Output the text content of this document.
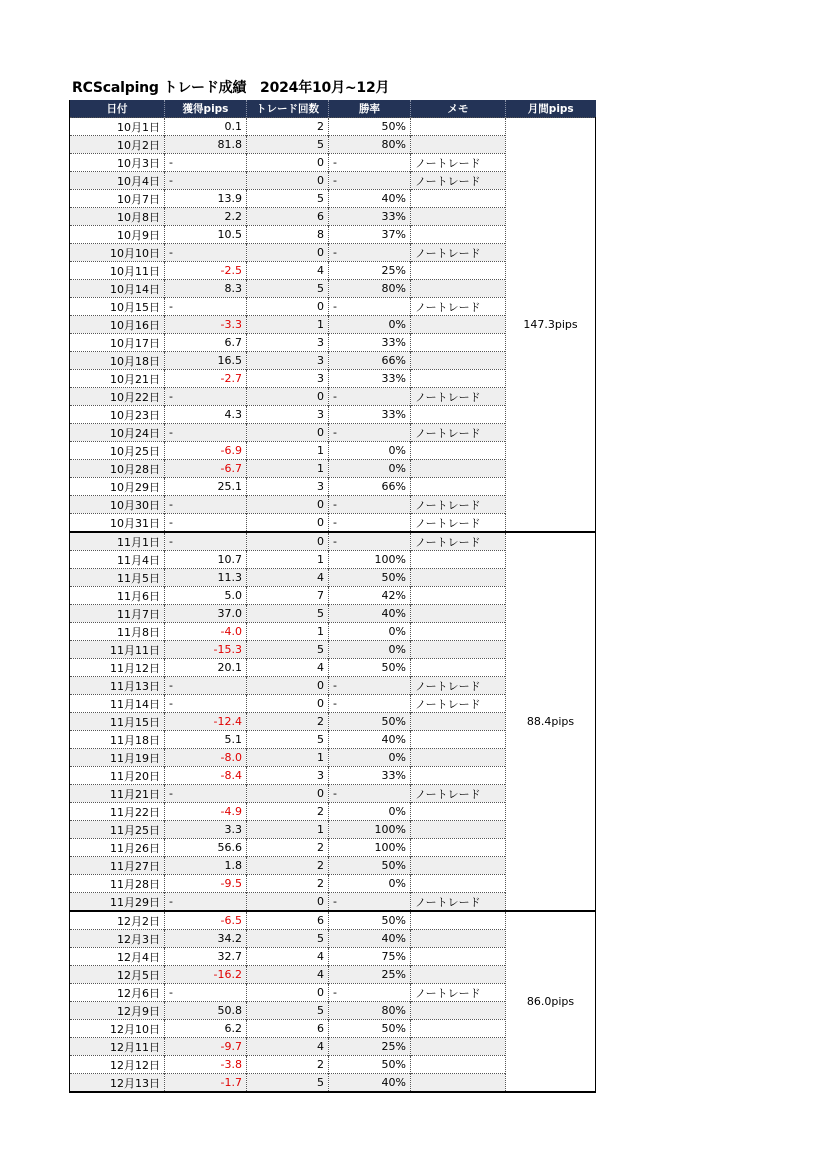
RCScalping トレード成績　2024年10月~12月
日付	獲得pips	トレード回数	勝率	メモ	月間pips
10月1日	0.1	2	50%		147.3pips
10月2日	81.8	5	80%		
10月3日	-	0	-	ノートレード	
10月4日	-	0	-	ノートレード	
10月7日	13.9	5	40%		
10月8日	2.2	6	33%		
10月9日	10.5	8	37%		
10月10日	-	0	-	ノートレード	
10月11日	-2.5	4	25%		
10月14日	8.3	5	80%		
10月15日	-	0	-	ノートレード	
10月16日	-3.3	1	0%		
10月17日	6.7	3	33%		
10月18日	16.5	3	66%		
10月21日	-2.7	3	33%		
10月22日	-	0	-	ノートレード	
10月23日	4.3	3	33%		
10月24日	-	0	-	ノートレード	
10月25日	-6.9	1	0%		
10月28日	-6.7	1	0%		
10月29日	25.1	3	66%		
10月30日	-	0	-	ノートレード	
10月31日	-	0	-	ノートレード	
11月1日	-	0	-	ノートレード	88.4pips
11月4日	10.7	1	100%		
11月5日	11.3	4	50%		
11月6日	5.0	7	42%		
11月7日	37.0	5	40%		
11月8日	-4.0	1	0%		
11月11日	-15.3	5	0%		
11月12日	20.1	4	50%		
11月13日	-	0	-	ノートレード	
11月14日	-	0	-	ノートレード	
11月15日	-12.4	2	50%		
11月18日	5.1	5	40%		
11月19日	-8.0	1	0%		
11月20日	-8.4	3	33%		
11月21日	-	0	-	ノートレード	
11月22日	-4.9	2	0%		
11月25日	3.3	1	100%		
11月26日	56.6	2	100%		
11月27日	1.8	2	50%		
11月28日	-9.5	2	0%		
11月29日	-	0	-	ノートレード	
12月2日	-6.5	6	50%		86.0pips
12月3日	34.2	5	40%		
12月4日	32.7	4	75%		
12月5日	-16.2	4	25%		
12月6日	-	0	-	ノートレード	
12月9日	50.8	5	80%		
12月10日	6.2	6	50%		
12月11日	-9.7	4	25%		
12月12日	-3.8	2	50%		
12月13日	-1.7	5	40%		
